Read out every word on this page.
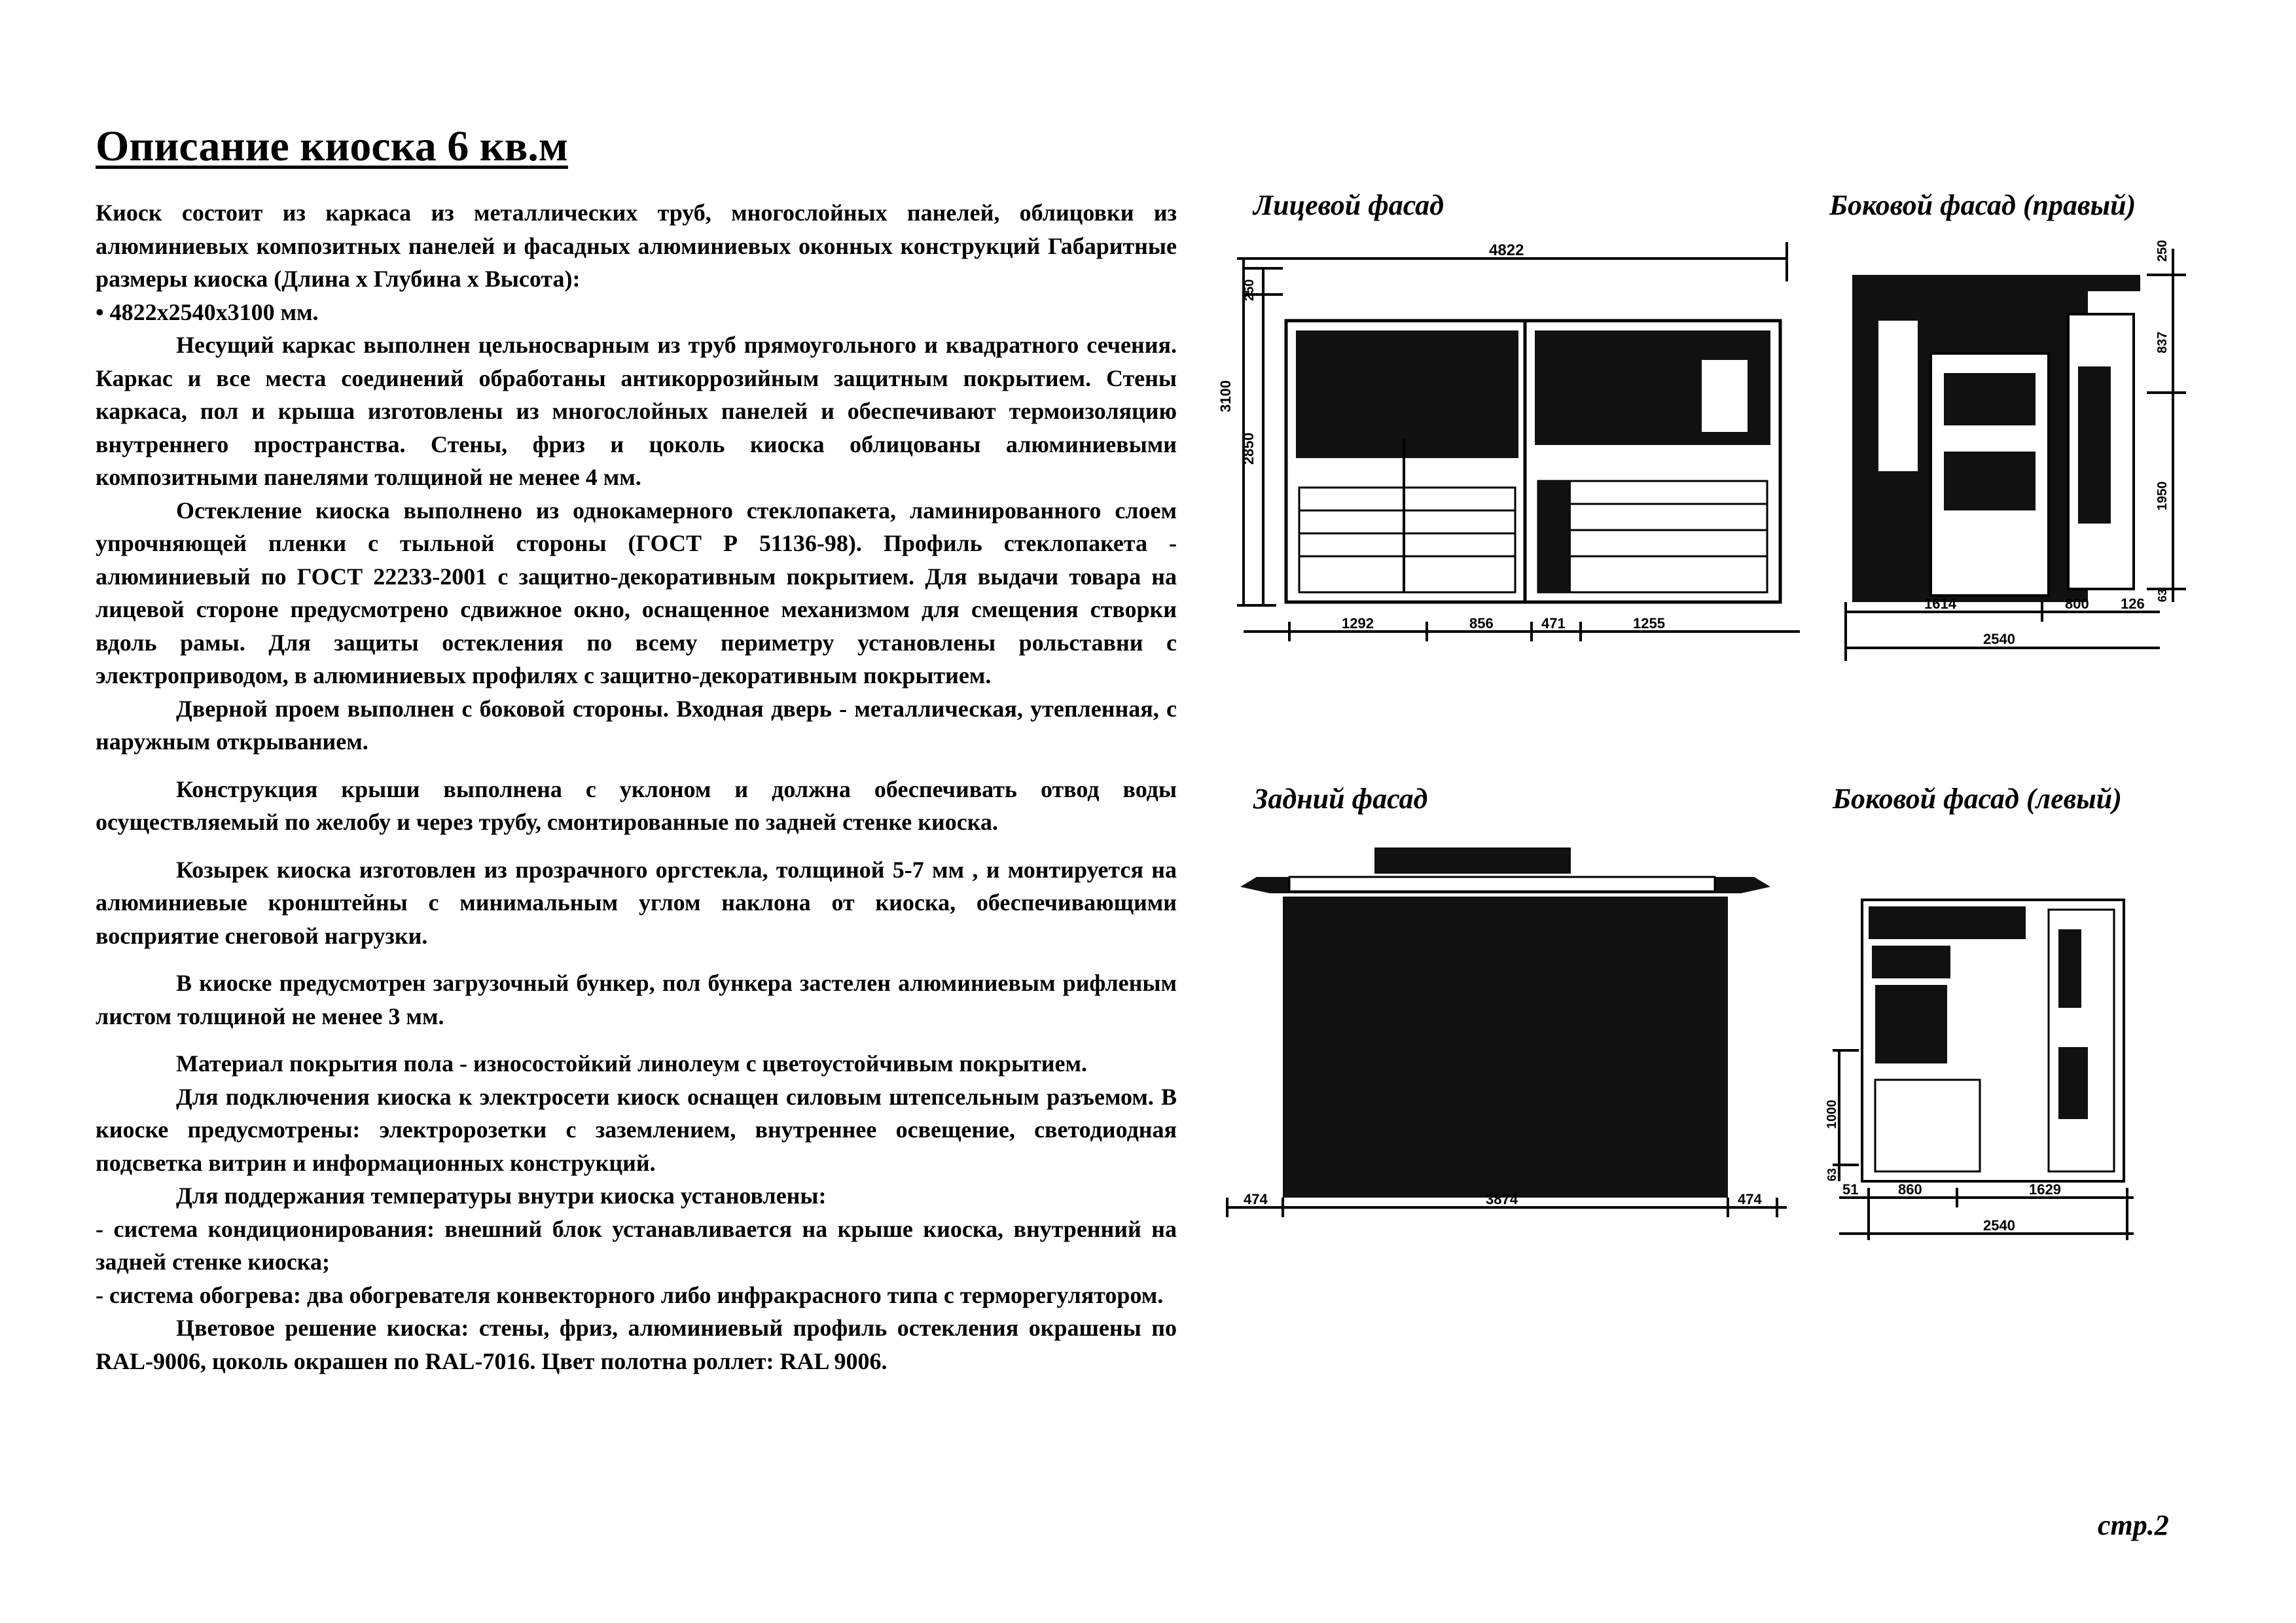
Описание киоска 6 кв.м

Киоск состоит из каркаса из металлических труб, многослойных панелей, облицовки из алюминиевых композитных панелей и фасадных алюминиевых оконных конструкций Габаритные размеры киоска (Длина х Глубина х Высота):

• 4822х2540х3100 мм.

Несущий каркас выполнен цельносварным из труб прямоугольного и квадратного сечения. Каркас и все места соединений обработаны антикоррозийным защитным покрытием. Стены каркаса, пол и крыша изготовлены из многослойных панелей и обеспечивают термоизоляцию внутреннего пространства. Стены, фриз и цоколь киоска облицованы алюминиевыми композитными панелями толщиной не менее 4 мм.

Остекление киоска выполнено из однокамерного стеклопакета, ламинированного слоем упрочняющей пленки с тыльной стороны (ГОСТ Р 51136-98). Профиль стеклопакета - алюминиевый по ГОСТ 22233-2001 с защитно-декоративным покрытием. Для выдачи товара на лицевой стороне предусмотрено сдвижное окно, оснащенное механизмом для смещения створки вдоль рамы. Для защиты остекления по всему периметру установлены рольставни с электроприводом, в алюминиевых профилях с защитно-декоративным покрытием.

Дверной проем выполнен с боковой стороны. Входная дверь - металлическая, утепленная, с наружным открыванием.

Конструкция крыши выполнена с уклоном и должна обеспечивать отвод воды осуществляемый по желобу и через трубу, смонтированные по задней стенке киоска.

Козырек киоска изготовлен из прозрачного оргстекла, толщиной 5-7 мм , и монтируется на алюминиевые кронштейны с минимальным углом наклона от киоска, обеспечивающими восприятие снеговой нагрузки.

В киоске предусмотрен загрузочный бункер, пол бункера застелен алюминиевым рифленым листом толщиной не менее 3 мм.

Материал покрытия пола - износостойкий линолеум с цветоустойчивым покрытием.

Для подключения киоска к электросети киоск оснащен силовым штепсельным разъемом. В киоске предусмотрены: электророзетки с заземлением, внутреннее освещение, светодиодная подсветка витрин и информационных конструкций.

Для поддержания температуры внутри киоска установлены:

- система кондиционирования: внешний блок устанавливается на крыше киоска, внутренний на задней стенке киоска;

- система обогрева: два обогревателя конвекторного либо инфракрасного типа с терморегулятором.

Цветовое решение киоска: стены, фриз, алюминиевый профиль остекления окрашены по RAL-9006, цоколь окрашен по RAL-7016. Цвет полотна роллет: RAL 9006.

Лицевой фасад	Боковой фасад (правый)
Задний фасад	Боковой фасад (левый)
4822
3100
2850
250
1292	856	471	1255
250
837
1950
63
1614	800 126
2540
474	3874	474
1000
63
51	860	1629
2540
стр.2
